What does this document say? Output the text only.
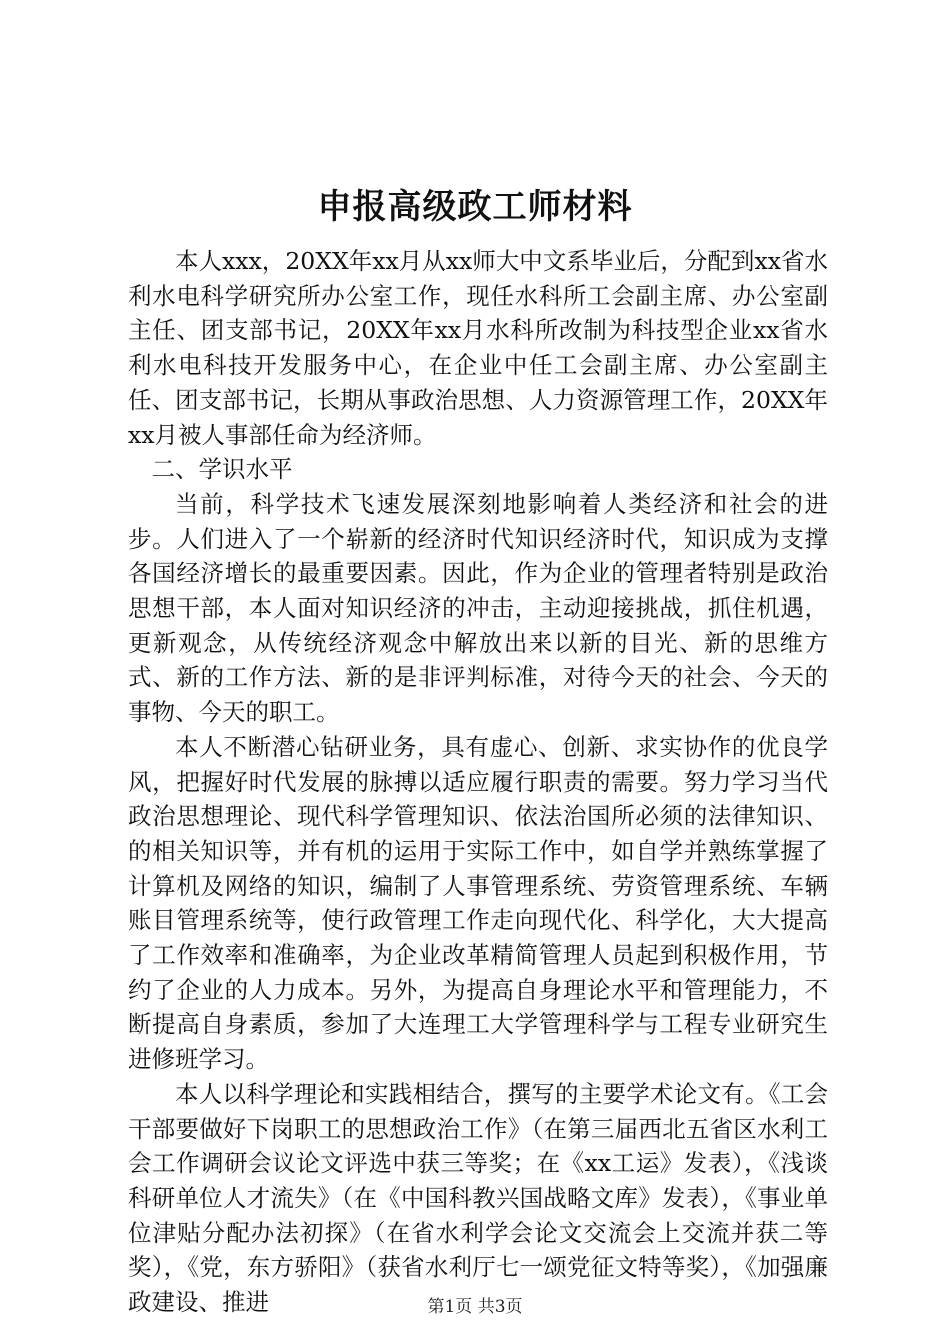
申报高级政工师材料

本人xxx，20XX年xx月从xx师大中文系毕业后，分配到xx省水利水电科学研究所办公室工作，现任水科所工会副主席、办公室副主任、团支部书记，20XX年xx月水科所改制为科技型企业xx省水利水电科技开发服务中心，在企业中任工会副主席、办公室副主任、团支部书记，长期从事政治思想、人力资源管理工作，20XX年xx月被人事部任命为经济师。

二、学识水平

当前，科学技术飞速发展深刻地影响着人类经济和社会的进步。人们进入了一个崭新的经济时代知识经济时代，知识成为支撑各国经济增长的最重要因素。因此，作为企业的管理者特别是政治思想干部，本人面对知识经济的冲击，主动迎接挑战，抓住机遇，更新观念，从传统经济观念中解放出来以新的目光、新的思维方式、新的工作方法、新的是非评判标准，对待今天的社会、今天的事物、今天的职工。

本人不断潜心钻研业务，具有虚心、创新、求实协作的优良学风，把握好时代发展的脉搏以适应履行职责的需要。努力学习当代政治思想理论、现代科学管理知识、依法治国所必须的法律知识、的相关知识等，并有机的运用于实际工作中，如自学并熟练掌握了计算机及网络的知识，编制了人事管理系统、劳资管理系统、车辆账目管理系统等，使行政管理工作走向现代化、科学化，大大提高了工作效率和准确率，为企业改革精简管理人员起到积极作用，节约了企业的人力成本。另外，为提高自身理论水平和管理能力，不断提高自身素质，参加了大连理工大学管理科学与工程专业研究生进修班学习。

本人以科学理论和实践相结合，撰写的主要学术论文有。《工会干部要做好下岗职工的思想政治工作》（在第三届西北五省区水利工会工作调研会议论文评选中获三等奖；在《xx工运》发表），《浅谈科研单位人才流失》（在《中国科教兴国战略文库》发表），《事业单位津贴分配办法初探》（在省水利学会论文交流会上交流并获二等奖），《党，东方骄阳》（获省水利厅七一颂党征文特等奖），《加强廉政建设、推进	第1页 共3页
